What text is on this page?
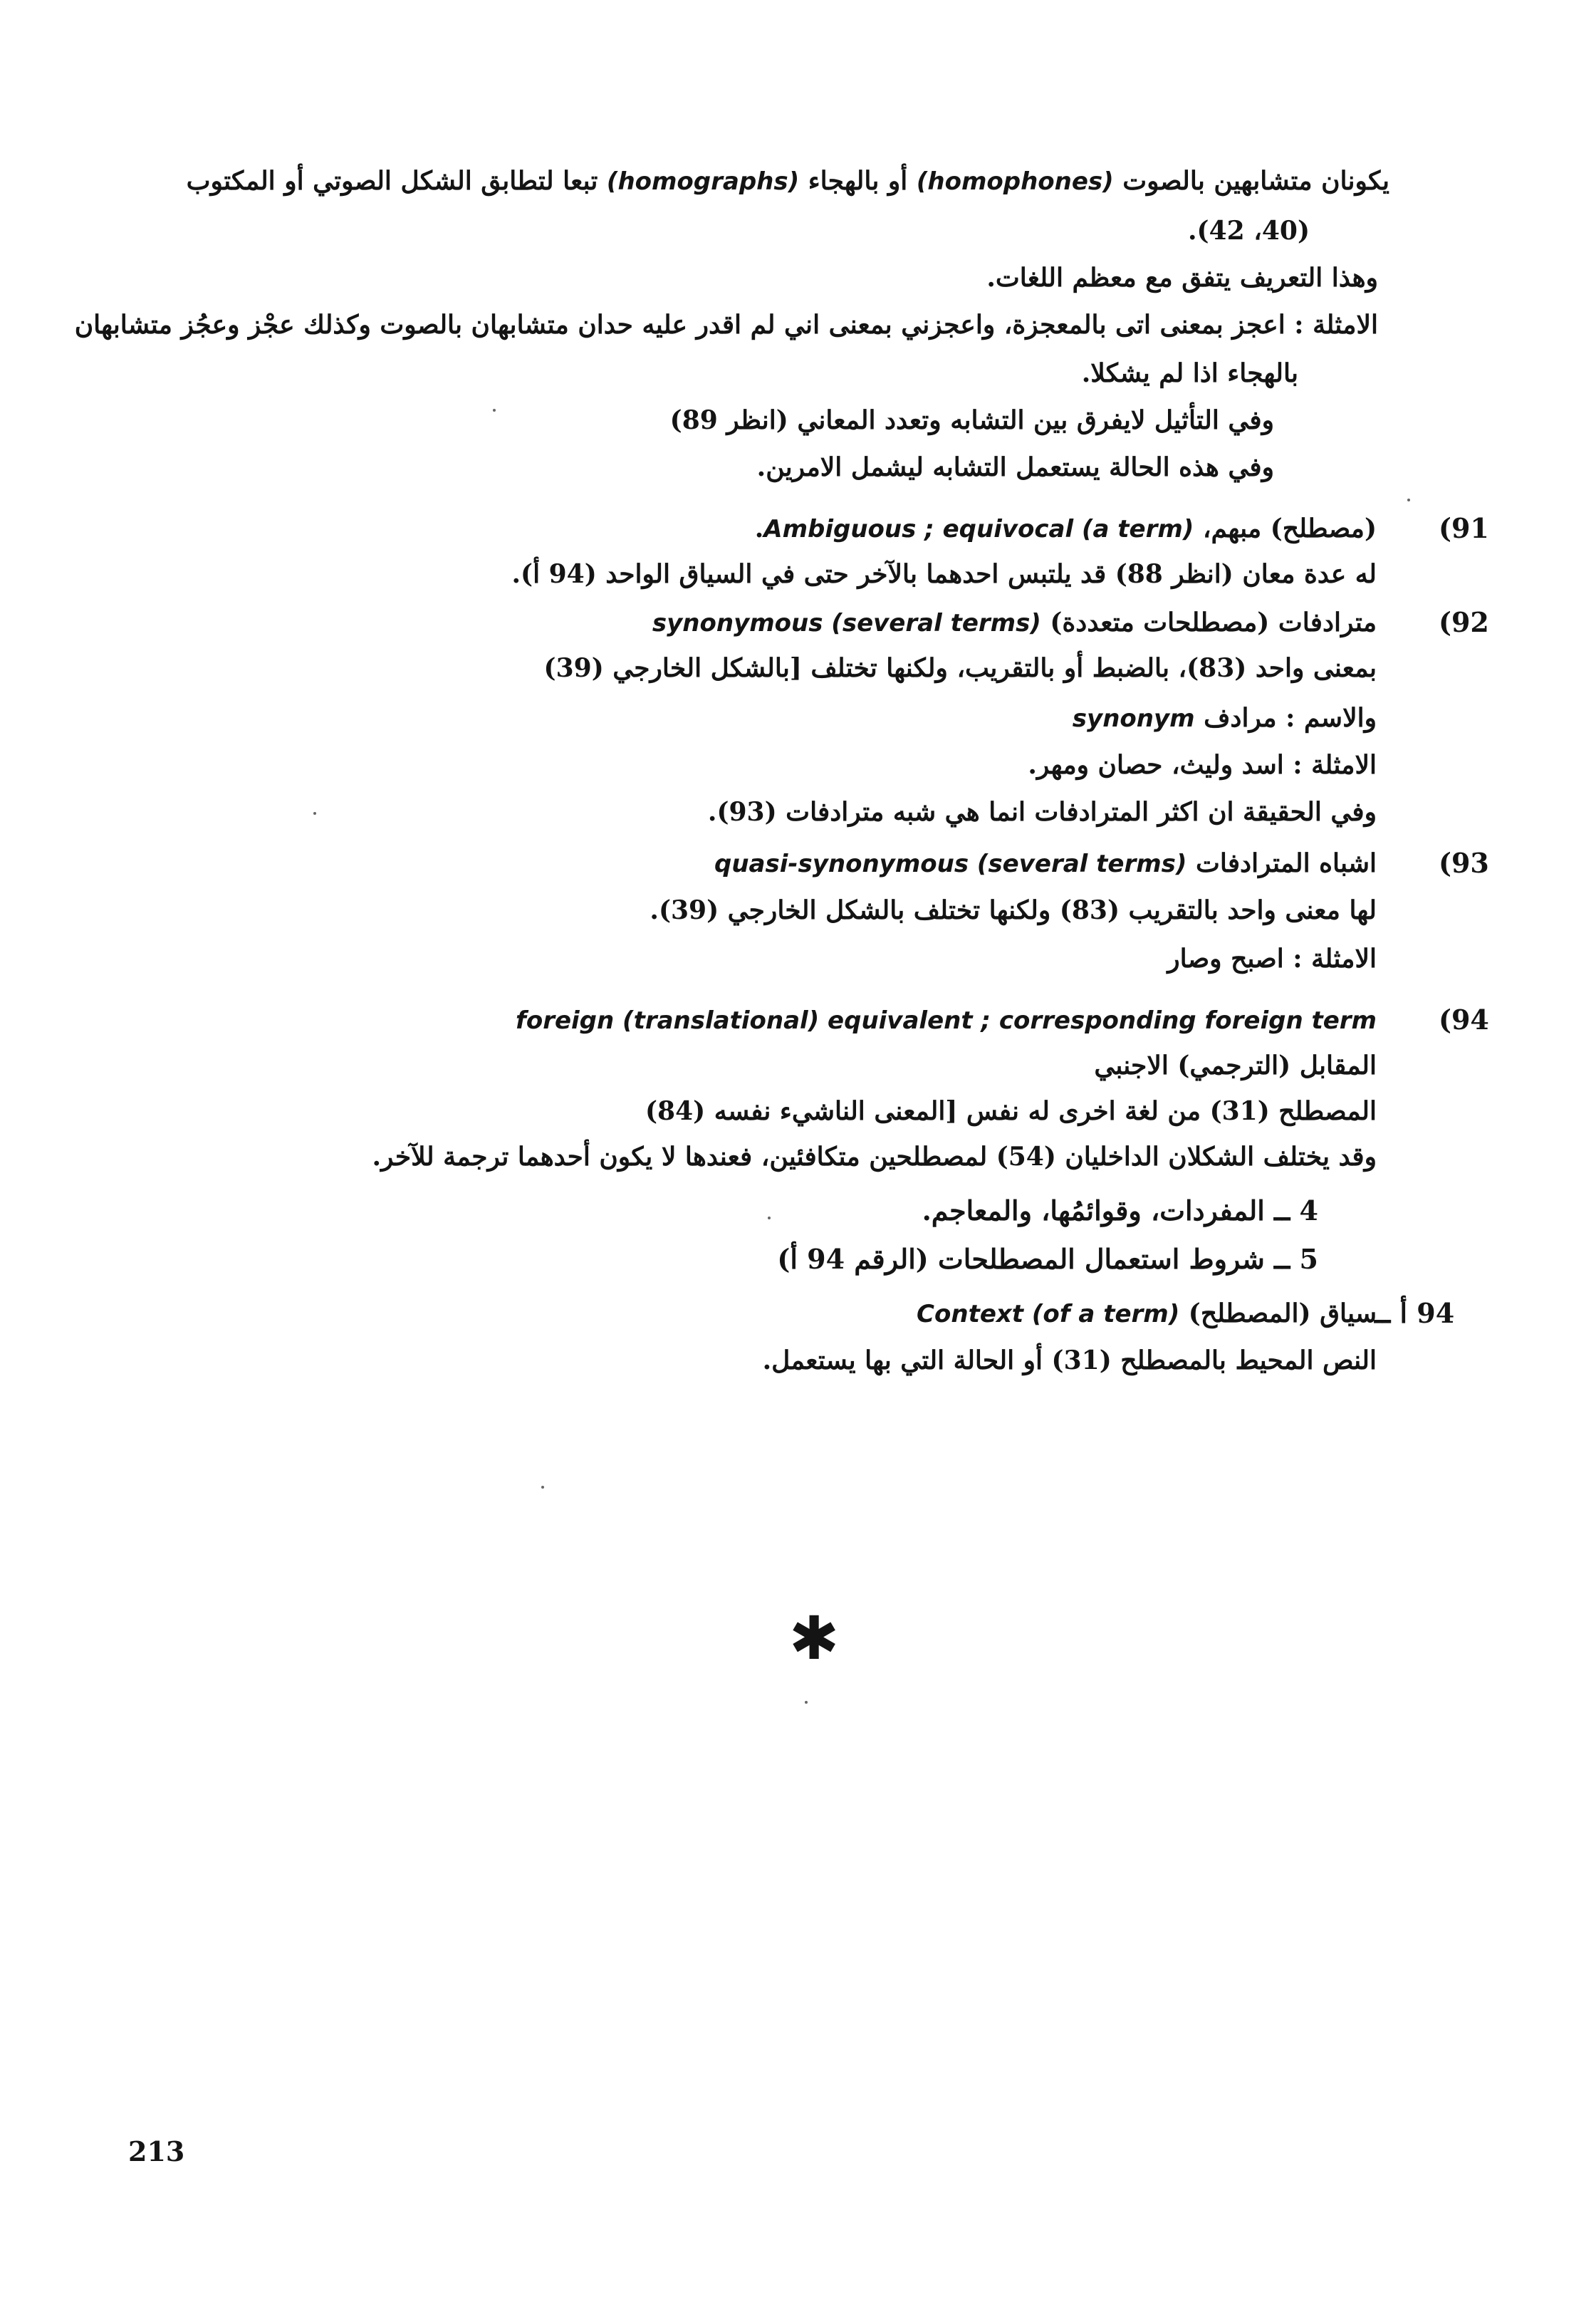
يكونان متشابهين بالصوت (homophones) أو بالهجاء (homographs) تبعا لتطابق الشكل الصوتي أو المكتوب
(40، 42).
وهذا التعريف يتفق مع معظم اللغات.
الامثلة : اعجز بمعنى اتى بالمعجزة، واعجزني بمعنى اني لم اقدر عليه حدان متشابهان بالصوت وكذلك عجْز وعجُز متشابهان
بالهجاء اذا لم يشكلا.
وفي التأثيل لايفرق بين التشابه وتعدد المعاني (انظر 89)
وفي هذه الحالة يستعمل التشابه ليشمل الامرين.
91)
(مصطلح) مبهم، Ambiguous ; equivocal (a term).
له عدة معان (انظر 88) قد يلتبس احدهما بالآخر حتى في السياق الواحد (94 أ).
92)
مترادفات (مصطلحات متعددة) synonymous (several terms)
بمعنى واحد (83)، بالضبط أو بالتقريب، ولكنها تختلف [بالشكل الخارجي (39)
والاسم : مرادف synonym
الامثلة : اسد وليث، حصان ومهر.
وفي الحقيقة ان اكثر المترادفات انما هي شبه مترادفات (93).
93)
اشباه المترادفات quasi-synonymous (several terms)
لها معنى واحد بالتقريب (83) ولكنها تختلف بالشكل الخارجي (39).
الامثلة : اصبح وصار
94)
foreign (translational) equivalent ; corresponding foreign term
المقابل (الترجمي) الاجنبي
المصطلح (31) من لغة اخرى له نفس [المعنى الناشيء نفسه (84)
وقد يختلف الشكلان الداخليان (54) لمصطلحين متكافئين، فعندها لا يكون أحدهما ترجمة للآخر.
4 ــ المفردات، وقوائمُها، والمعاجم.
5 ــ شروط استعمال المصطلحات (الرقم 94 أ)
94 أ ــ
سياق (المصطلح) Context (of a term)
النص المحيط بالمصطلح (31) أو الحالة التي بها يستعمل.
✱
213
